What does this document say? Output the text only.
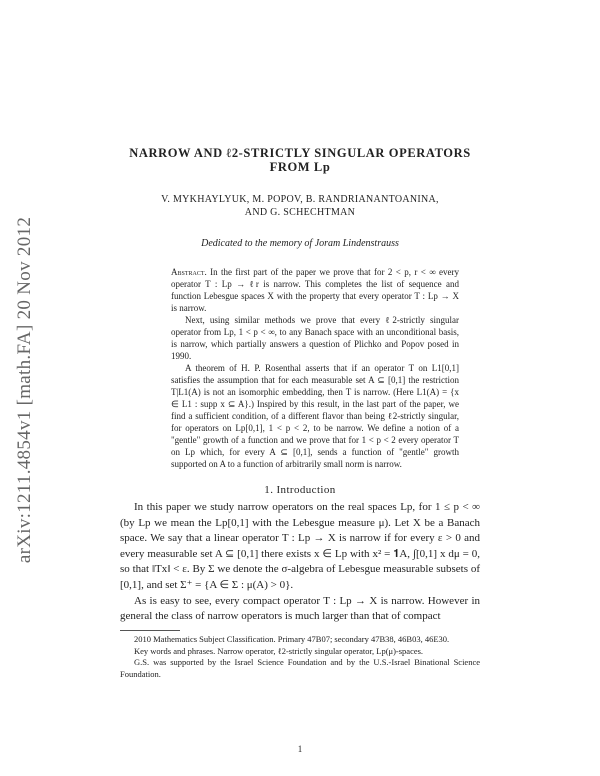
arXiv:1211.4854v1 [math.FA] 20 Nov 2012
NARROW AND ℓ2-STRICTLY SINGULAR OPERATORS
FROM Lp
V. MYKHAYLYUK, M. POPOV, B. RANDRIANANTOANINA,
AND G. SCHECHTMAN
Dedicated to the memory of Joram Lindenstrauss
Abstract. In the first part of the paper we prove that for 2 < p, r < ∞ every operator T : Lp → ℓr is narrow. This completes the list of sequence and function Lebesgue spaces X with the property that every operator T : Lp → X is narrow.
Next, using similar methods we prove that every ℓ2-strictly singular operator from Lp, 1 < p < ∞, to any Banach space with an unconditional basis, is narrow, which partially answers a question of Plichko and Popov posed in 1990.
A theorem of H. P. Rosenthal asserts that if an operator T on L1[0,1] satisfies the assumption that for each measurable set A ⊆ [0,1] the restriction T|L1(A) is not an isomorphic embedding, then T is narrow. (Here L1(A) = {x ∈ L1 : supp x ⊆ A}.) Inspired by this result, in the last part of the paper, we find a sufficient condition, of a different flavor than being ℓ2-strictly singular, for operators on Lp[0,1], 1 < p < 2, to be narrow. We define a notion of a "gentle" growth of a function and we prove that for 1 < p < 2 every operator T on Lp which, for every A ⊆ [0,1], sends a function of "gentle" growth supported on A to a function of arbitrarily small norm is narrow.
1. Introduction

In this paper we study narrow operators on the real spaces Lp, for 1 ≤ p < ∞ (by Lp we mean the Lp[0,1] with the Lebesgue measure μ). Let X be a Banach space. We say that a linear operator T : Lp → X is narrow if for every ε > 0 and every measurable set A ⊆ [0,1] there exists x ∈ Lp with x² = 𝟏A, ∫[0,1] x dμ = 0, so that ‖Tx‖ < ε. By Σ we denote the σ-algebra of Lebesgue measurable subsets of [0,1], and set Σ⁺ = {A ∈ Σ : μ(A) > 0}.

As is easy to see, every compact operator T : Lp → X is narrow. However in general the class of narrow operators is much larger than that of compact

2010 Mathematics Subject Classification. Primary 47B07; secondary 47B38, 46B03, 46E30.

Key words and phrases. Narrow operator, ℓ2-strictly singular operator, Lp(μ)-spaces.

G.S. was supported by the Israel Science Foundation and by the U.S.-Israel Binational Science Foundation.

1
